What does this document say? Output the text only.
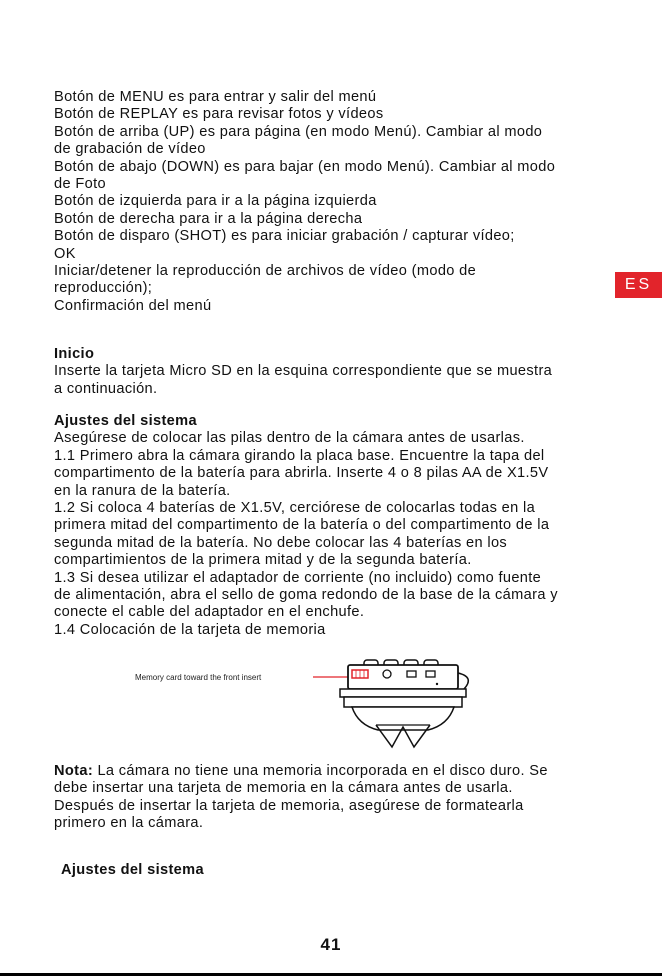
Botón de MENU es para entrar y salir del menú

Botón de REPLAY es para revisar fotos y vídeos

Botón de arriba (UP) es para página (en modo Menú). Cambiar al modo

de grabación de vídeo

Botón de abajo (DOWN) es para bajar (en modo Menú). Cambiar al modo

de Foto

Botón de izquierda para ir a la página izquierda

Botón de derecha para ir a la página derecha

Botón de disparo (SHOT) es para iniciar grabación / capturar vídeo;

OK

Iniciar/detener la reproducción de archivos de vídeo (modo de

reproducción);

Confirmación del menú

ES

Inicio

Inserte la tarjeta Micro SD en la esquina correspondiente que se muestra

a continuación.

Ajustes del sistema

Asegúrese de colocar las pilas dentro de la cámara antes de usarlas.

1.1 Primero abra la cámara girando la placa base. Encuentre la tapa del

compartimento de la batería para abrirla. Inserte 4 o 8 pilas AA de X1.5V

en la ranura de la batería.

1.2 Si coloca 4 baterías de X1.5V, cerciórese de colocarlas todas en la

primera mitad del compartimento de la batería o del compartimento de la

segunda mitad de la batería. No debe colocar las 4 baterías en los

compartimientos de la primera mitad y de la segunda batería.

1.3 Si desea utilizar el adaptador de corriente (no incluido) como fuente

de alimentación, abra el sello de goma redondo de la base de la cámara y

conecte el cable del adaptador en el enchufe.

1.4 Colocación de la tarjeta de memoria

Memory card toward the front insert

Nota: La cámara no tiene una memoria incorporada en el disco duro. Se

debe insertar una tarjeta de memoria en la cámara antes de usarla.

Después de insertar la tarjeta de memoria, asegúrese de formatearla

primero en la cámara.

Ajustes del sistema
41
